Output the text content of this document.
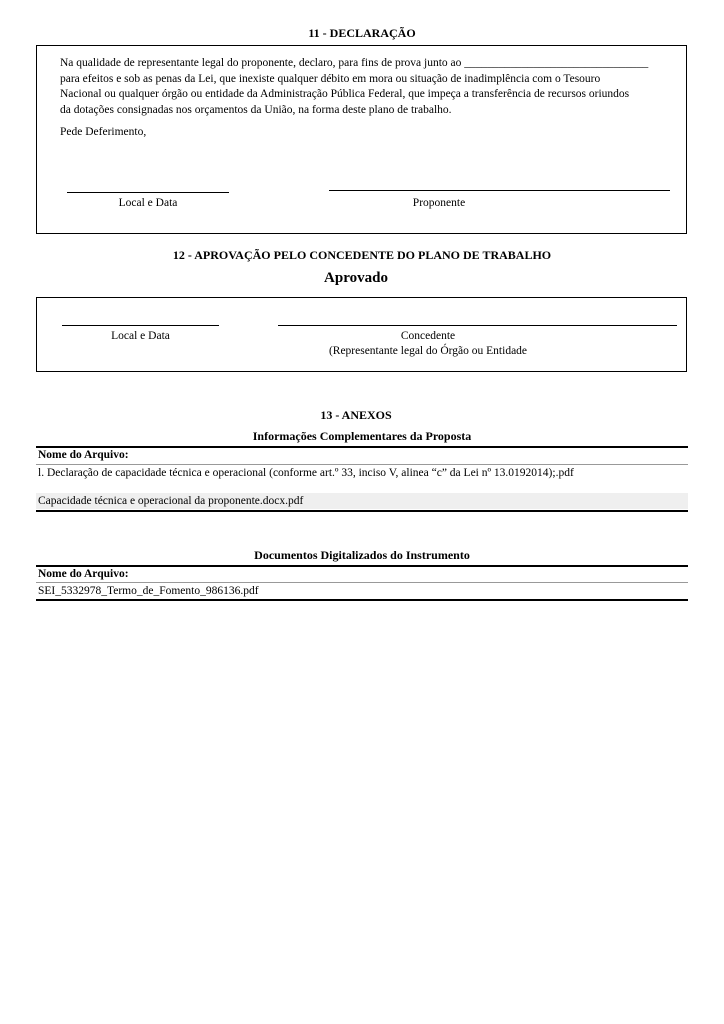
11 - DECLARAÇÃO
Na qualidade de representante legal do proponente, declaro, para fins de prova junto ao ________________________________
para efeitos e sob as penas da Lei, que inexiste qualquer débito em mora ou situação de inadimplência com o Tesouro
Nacional ou qualquer órgão ou entidade da Administração Pública Federal, que impeça a transferência de recursos oriundos
da dotações consignadas nos orçamentos da União, na forma deste plano de trabalho.
Pede Deferimento,
Local e Data	Proponente
12 - APROVAÇÃO PELO CONCEDENTE DO PLANO DE TRABALHO
Aprovado
Local e Data	Concedente
(Representante legal do Órgão ou Entidade
13 - ANEXOS
Informações Complementares da Proposta
Nome do Arquivo:
l. Declaração de capacidade técnica e operacional (conforme art.º 33, inciso V, alinea “c” da Lei nº 13.0192014);.pdf
Capacidade técnica e operacional da proponente.docx.pdf
Documentos Digitalizados do Instrumento
Nome do Arquivo:
SEI_5332978_Termo_de_Fomento_986136.pdf
